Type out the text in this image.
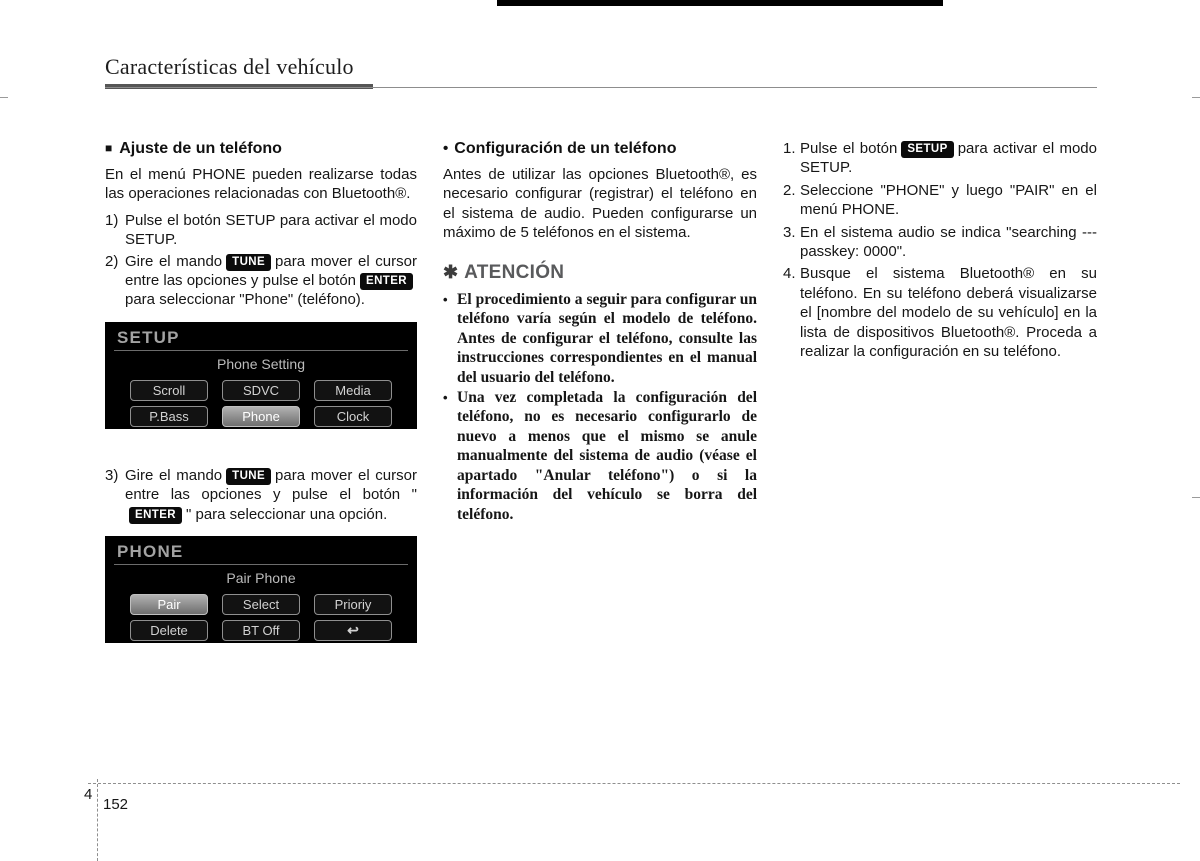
Características del vehículo
■ Ajuste de un teléfono

En el menú PHONE pueden realizarse todas las operaciones relacionadas con Bluetooth®.

1) Pulse el botón SETUP para activar el modo SETUP.
2) Gire el mando TUNE para mover el cursor entre las opciones y pulse el botón ENTERpara seleccionar "Phone" (teléfono).
SETUP
Phone Setting
Scroll	SDVC	Media
P.Bass	Phone	Clock
3) Gire el mando TUNE para mover el cursor entre las opciones y pulse el botón "ENTER " para seleccionar una opción.
PHONE
Pair Phone
Pair	Select	Prioriy
Delete	BT Off	↩
• Configuración de un teléfono

Antes de utilizar las opciones Bluetooth®, es necesario configurar (registrar) el teléfono en el sistema de audio. Pueden configurarse un máximo de 5 teléfonos en el sistema.

✱ ATENCIÓN
• El procedimiento a seguir para configurar un teléfono varía según el modelo de teléfono. Antes de configurar el teléfono, consulte las instrucciones correspondientes en el manual del usuario del teléfono.
• Una vez completada la configuración del teléfono, no es necesario configurarlo de nuevo a menos que el mismo se anule manualmente del sistema de audio (véase el apartado "Anular teléfono") o si la información del vehículo se borra del teléfono.
1. Pulse el botón SETUP para activar el modo SETUP.
2. Seleccione "PHONE" y luego "PAIR" en el menú PHONE.
3. En el sistema audio se indica "searching --- passkey: 0000".
4. Busque el sistema Bluetooth® en su teléfono. En su teléfono deberá visualizarse el [nombre del modelo de su vehículo] en la lista de dispositivos Bluetooth®. Proceda a realizar la configuración en su teléfono.
4
152
